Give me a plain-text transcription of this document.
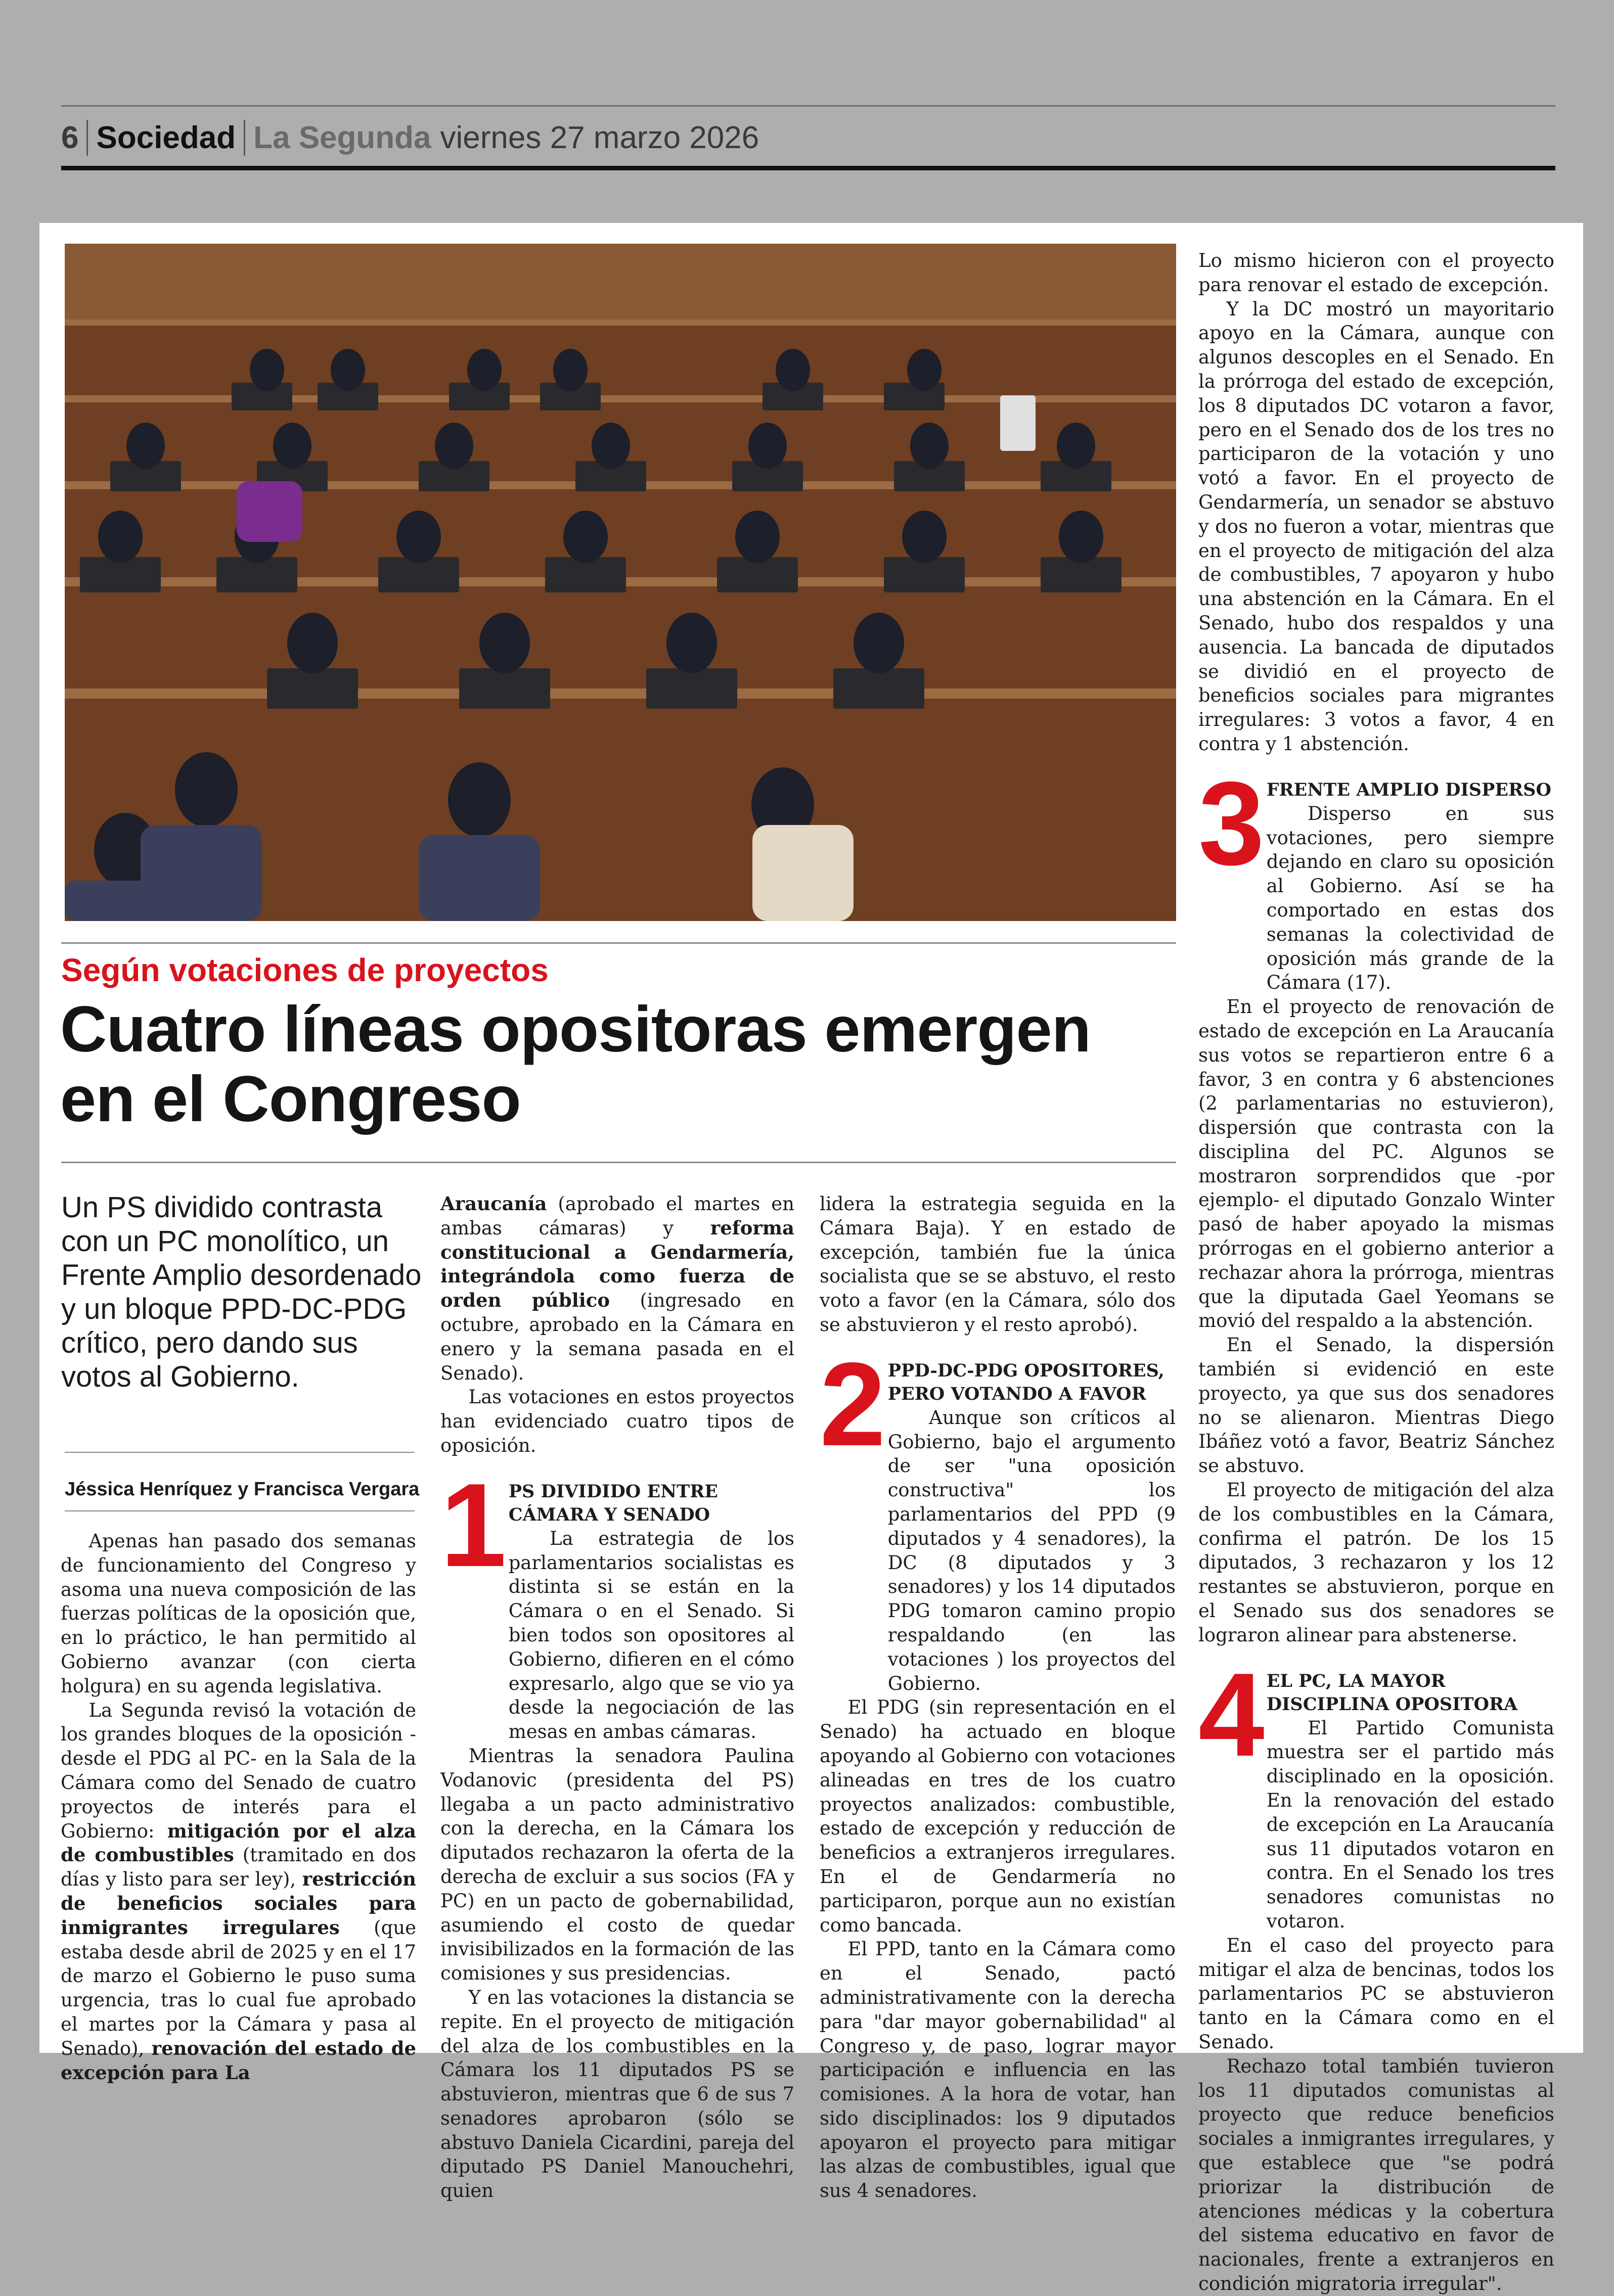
6 Sociedad La Segunda viernes 27 marzo 2026
Según votaciones de proyectos
Cuatro líneas opositoras emergen
en el Congreso
Un PS dividido contrasta con un PC monolítico, un Frente Amplio desordenado y un bloque PPD-DC-PDG crítico, pero dando sus votos al Gobierno.
Jéssica Henríquez y Francisca Vergara

Apenas han pasado dos semanas de funcionamiento del Congreso y asoma una nueva composición de las fuerzas políticas de la oposición que, en lo práctico, le han permitido al Gobierno avanzar (con cierta holgura) en su agenda legislativa.

La Segunda revisó la votación de los grandes bloques de la oposición -desde el PDG al PC- en la Sala de la Cámara como del Senado de cuatro proyectos de interés para el Gobierno: mitigación por el alza de combustibles (tramitado en dos días y listo para ser ley), restricción de beneficios sociales para inmigrantes irregulares (que estaba desde abril de 2025 y en el 17 de marzo el Gobierno le puso suma urgencia, tras lo cual fue aprobado el martes por la Cámara y pasa al Senado), renovación del estado de excepción para La

Araucanía (aprobado el martes en ambas cámaras) y reforma constitucional a Gendarmería, integrándola como fuerza de orden público (ingresado en octubre, aprobado en la Cámara en enero y la semana pasada en el Senado).

Las votaciones en estos proyectos han evidenciado cuatro tipos de oposición.

1 PS DIVIDIDO ENTRE CÁMARA Y SENADO

La estrategia de los parlamentarios socialistas es distinta si se están en la Cámara o en el Senado. Si bien todos son opositores al Gobierno, difieren en el cómo expresarlo, algo que se vio ya desde la negociación de las mesas en ambas cámaras.

Mientras la senadora Paulina Vodanovic (presidenta del PS) llegaba a un pacto administrativo con la derecha, en la Cámara los diputados rechazaron la oferta de la derecha de excluir a sus socios (FA y PC) en un pacto de gobernabilidad, asumiendo el costo de quedar invisibilizados en la formación de las comisiones y sus presidencias.

Y en las votaciones la distancia se repite. En el proyecto de mitigación del alza de los combustibles en la Cámara los 11 diputados PS se abstuvieron, mientras que 6 de sus 7 senadores aprobaron (sólo se abstuvo Daniela Cicardini, pareja del diputado PS Daniel Manouchehri, quien

lidera la estrategia seguida en la Cámara Baja). Y en estado de excepción, también fue la única socialista que se se abstuvo, el resto voto a favor (en la Cámara, sólo dos se abstuvieron y el resto aprobó).

2 PPD-DC-PDG OPOSITORES, PERO VOTANDO A FAVOR

Aunque son críticos al Gobierno, bajo el argumento de ser "una oposición constructiva" los parlamentarios del PPD (9 diputados y 4 senadores), la DC (8 diputados y 3 senadores) y los 14 diputados PDG tomaron camino propio respaldando (en las votaciones ) los proyectos del Gobierno.

El PDG (sin representación en el Senado) ha actuado en bloque apoyando al Gobierno con votaciones alineadas en tres de los cuatro proyectos analizados: combustible, estado de excepción y reducción de beneficios a extranjeros irregulares. En el de Gendarmería no participaron, porque aun no existían como bancada.

El PPD, tanto en la Cámara como en el Senado, pactó administrativamente con la derecha para "dar mayor gobernabilidad" al Congreso y, de paso, lograr mayor participación e influencia en las comisiones. A la hora de votar, han sido disciplinados: los 9 diputados apoyaron el proyecto para mitigar las alzas de combustibles, igual que sus 4 senadores.

Lo mismo hicieron con el proyecto para renovar el estado de excepción.

Y la DC mostró un mayoritario apoyo en la Cámara, aunque con algunos descoples en el Senado. En la prórroga del estado de excepción, los 8 diputados DC votaron a favor, pero en el Senado dos de los tres no participaron de la votación y uno votó a favor. En el proyecto de Gendarmería, un senador se abstuvo y dos no fueron a votar, mientras que en el proyecto de mitigación del alza de combustibles, 7 apoyaron y hubo una abstención en la Cámara. En el Senado, hubo dos respaldos y una ausencia. La bancada de diputados se dividió en el proyecto de beneficios sociales para migrantes irregulares: 3 votos a favor, 4 en contra y 1 abstención.

3 FRENTE AMPLIO DISPERSO

Disperso en sus votaciones, pero siempre dejando en claro su oposición al Gobierno. Así se ha comportado en estas dos semanas la colectividad de oposición más grande de la Cámara (17).

En el proyecto de renovación de estado de excepción en La Araucanía sus votos se repartieron entre 6 a favor, 3 en contra y 6 abstenciones (2 parlamentarias no estuvieron), dispersión que contrasta con la disciplina del PC. Algunos se mostraron sorprendidos que -por ejemplo- el diputado Gonzalo Winter pasó de haber apoyado la mismas prórrogas en el gobierno anterior a rechazar ahora la prórroga, mientras que la diputada Gael Yeomans se movió del respaldo a la abstención.

En el Senado, la dispersión también si evidenció en este proyecto, ya que sus dos senadores no se alienaron. Mientras Diego Ibáñez votó a favor, Beatriz Sánchez se abstuvo.

El proyecto de mitigación del alza de los combustibles en la Cámara, confirma el patrón. De los 15 diputados, 3 rechazaron y los 12 restantes se abstuvieron, porque en el Senado sus dos senadores se lograron alinear para abstenerse.

4 EL PC, LA MAYOR DISCIPLINA OPOSITORA

El Partido Comunista muestra ser el partido más disciplinado en la oposición. En la renovación del estado de excepción en La Araucanía sus 11 diputados votaron en contra. En el Senado los tres senadores comunistas no votaron.

En el caso del proyecto para mitigar el alza de bencinas, todos los parlamentarios PC se abstuvieron tanto en la Cámara como en el Senado.

Rechazo total también tuvieron los 11 diputados comunistas al proyecto que reduce beneficios sociales a inmigrantes irregulares, y que establece que "se podrá priorizar la distribución de atenciones médicas y la cobertura del sistema educativo en favor de nacionales, frente a extranjeros en condición migratoria irregular".
